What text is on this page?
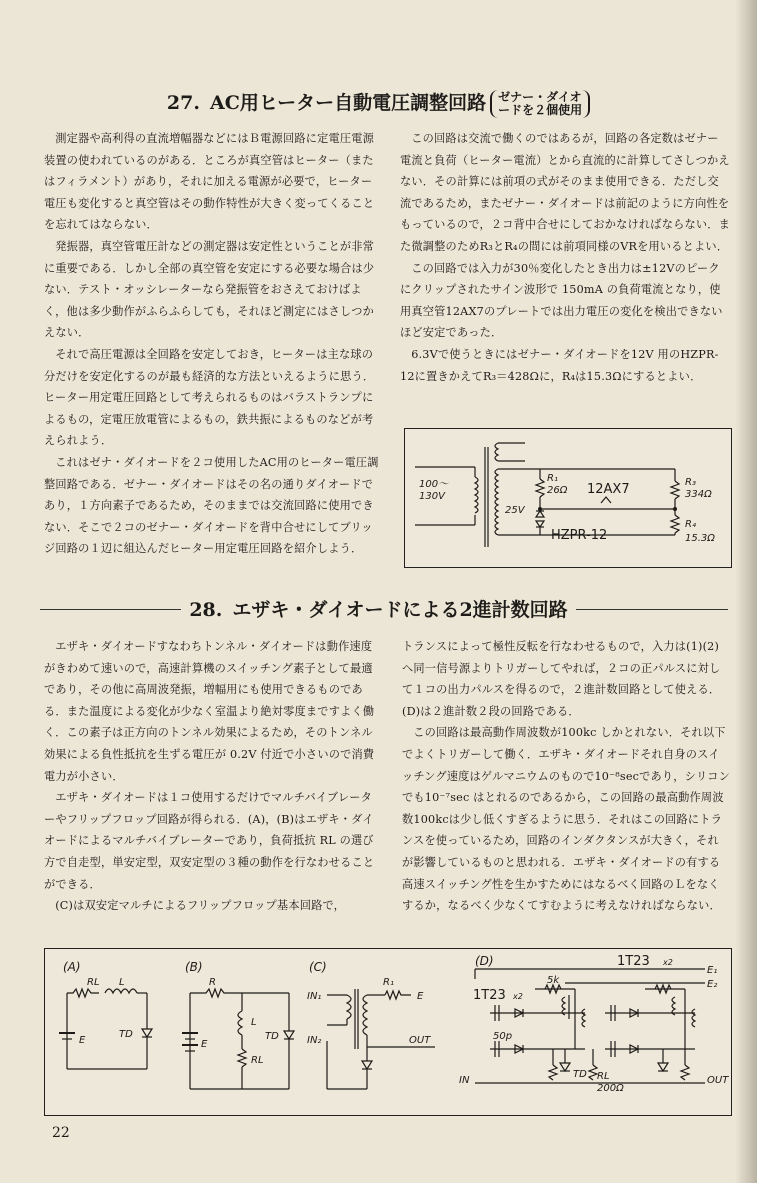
27. AC用ヒーター自動電圧調整回路 ゼナー・ダイオ
ードを２個使用

測定器や高利得の直流増幅器などにはＢ電源回路に定電圧電源装置の使われているのがある．ところが真空管はヒーター（またはフィラメント）があり，それに加える電源が必要で，ヒーター電圧も変化すると真空管はその動作特性が大きく変ってくることを忘れてはならない．

発振器，真空管電圧計などの測定器は安定性ということが非常に重要である．しかし全部の真空管を安定にする必要な場合は少ない．テスト・オッシレーターなら発振管をおさえておけばよく，他は多少動作がふらふらしても，それほど測定にはさしつかえない．

それで高圧電源は全回路を安定しておき，ヒーターは主な球の分だけを安定化するのが最も経済的な方法といえるように思う．ヒーター用定電圧回路として考えられるものはバラストランプによるもの，定電圧放電管によるもの，鉄共振によるものなどが考えられよう．

これはゼナ・ダイオードを２コ使用したAC用のヒーター電圧調整回路である．ゼナー・ダイオードはその名の通りダイオードであり，１方向素子であるため，そのままでは交流回路に使用できない．そこで２コのゼナー・ダイオードを背中合せにしてブリッジ回路の１辺に組込んだヒーター用定電圧回路を紹介しよう．

この回路は交流で働くのではあるが，回路の各定数はゼナー電流と負荷（ヒーター電流）とから直流的に計算してさしつかえない．その計算には前項の式がそのまま使用できる．ただし交流であるため，またゼナー・ダイオードは前記のように方向性をもっているので，２コ背中合せにしておかなければならない．また微調整のためR₃とR₄の間には前項同様のVRを用いるとよい．

この回路では入力が30％変化したとき出力は±12Vのピークにクリップされたサイン波形で 150mA の負荷電流となり，使用真空管12AX7のプレートでは出力電圧の変化を検出できないほど安定であった．

6.3Vで使うときにはゼナー・ダイオードを12V 用のHZPR-12に置きかえてR₃＝428Ωに，R₄は15.3Ωにするとよい．

100～
130V
25V
R₁
26Ω 12AX7
HZPR-12
R₃
334Ω
R₄
15.3Ω
28. エザキ・ダイオードによる2進計数回路

エザキ・ダイオードすなわちトンネル・ダイオードは動作速度がきわめて速いので，高速計算機のスイッチング素子として最適であり，その他に高周波発振，増幅用にも使用できるものである．また温度による変化が少なく室温より絶対零度まですよく働く．この素子は正方向のトンネル効果によるため，そのトンネル効果による負性抵抗を生ずる電圧が 0.2V 付近で小さいので消費電力が小さい．

エザキ・ダイオードは１コ使用するだけでマルチバイブレーターやフリップフロップ回路が得られる．(A)，(B)はエザキ・ダイオードによるマルチバイブレーターであり，負荷抵抗 RL の選び方で自走型，単安定型，双安定型の３種の動作を行なわせることができる．

(C)は双安定マルチによるフリップフロップ基本回路で，

トランスによって極性反転を行なわせるもので，入力は(1)(2)へ同一信号源よりトリガーしてやれば，２コの正パルスに対して１コの出力パルスを得るので，２進計数回路として使える．(D)は２進計数２段の回路である．

この回路は最高動作周波数が100kc しかとれない．それ以下でよくトリガーして働く．エザキ・ダイオードそれ自身のスイッチング速度はゲルマニウムのもので10⁻⁸secであり，シリコンでも10⁻⁷sec はとれるのであるから，この回路の最高動作周波数100kcは少し低くすぎるように思う．それはこの回路にトランスを使っているため，回路のインダクタンスが大きく，それが影響しているものと思われる．エザキ・ダイオードの有する高速スイッチング性を生かすためにはなるべく回路のＬをなくするか，なるべく少なくてすむように考えなければならない．

(A)
RL L
E
TD
(B)
R
L
E
RL
TD
(C)
IN₁
IN₂
R₁
E
OUT
(D)	1T23 x2
1T23 x2
E₁
E₂
5k
50p
TD RL
200Ω
IN	OUT
22
